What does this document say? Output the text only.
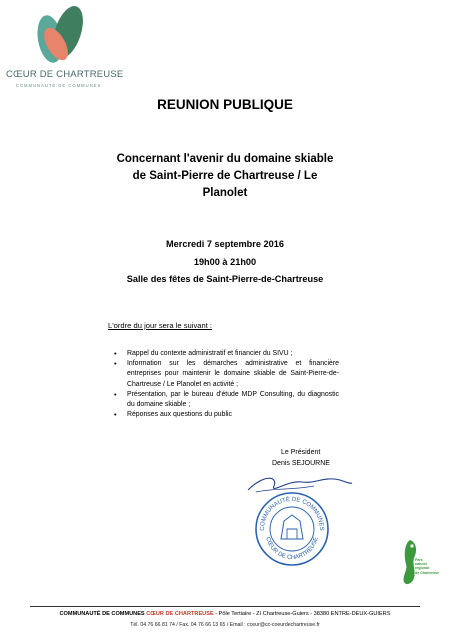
CŒUR DE CHARTREUSE
COMMUNAUTÉ DE COMMUNES
REUNION PUBLIQUE
Concernant l'avenir du domaine skiable de Saint-Pierre de Chartreuse / Le Planolet
Mercredi 7 septembre 2016
19h00 à 21h00
Salle des fêtes de Saint-Pierre-de-Chartreuse
L'ordre du jour sera le suivant :
• Rappel du contexte administratif et financier du SIVU ;
• Information sur les démarches administrative et financière entreprises pour maintenir le domaine skiable de Saint-Pierre-de-Chartreuse / Le Planolet en activité ;
• Présentation, par le bureau d'étude MDP Consulting, du diagnostic du domaine skiable ;
• Réponses aux questions du public
Le Président
Denis SEJOURNE
COMMUNAUTÉ DE COMMUNES
CŒUR DE CHARTREUSE
Parc
naturel
régional
de Chartreuse
COMMUNAUTÉ DE COMMUNES CŒUR DE CHARTREUSE - Pôle Tertiaire - ZI Chartreuse-Guiers - 38380 ENTRE-DEUX-GUIERS
Tél. 04 76 66 81 74 / Fax. 04 76 66 13 65 / Email : cceur@cc-coeurdechartreuse.fr
